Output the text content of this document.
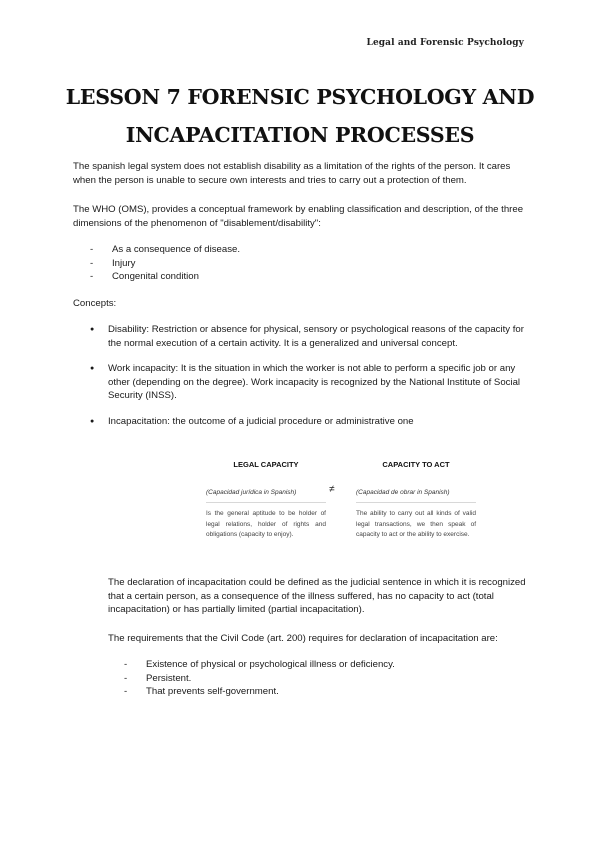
Legal and Forensic Psychology
LESSON 7 FORENSIC PSYCHOLOGY AND
INCAPACITATION PROCESSES

The spanish legal system does not establish disability as a limitation of the rights of the person. It cares when the person is unable to secure own interests and tries to carry out a protection of them.

The WHO (OMS), provides a conceptual framework by enabling classification and description, of the three dimensions of the phenomenon of "disablement/disability":

- As a consequence of disease.
- Injury
- Congenital condition

Concepts:

● Disability: Restriction or absence for physical, sensory or psychological reasons of the capacity for the normal execution of a certain activity. It is a generalized and universal concept.
● Work incapacity: It is the situation in which the worker is not able to perform a specific job or any other (depending on the degree). Work incapacity is recognized by the National Institute of Social Security (INSS).
● Incapacitation: the outcome of a judicial procedure or administrative one
LEGAL CAPACITY
(Capacidad jurídica in Spanish)
Is the general aptitude to be holder of legal relations, holder of rights and obligations (capacity to enjoy).
≠
CAPACITY TO ACT
(Capacidad de obrar in Spanish)
The ability to carry out all kinds of valid legal transactions, we then speak of capacity to act or the ability to exercise.

The declaration of incapacitation could be defined as the judicial sentence in which it is recognized that a certain person, as a consequence of the illness suffered, has no capacity to act (total incapacitation) or has partially limited (partial incapacitation).

The requirements that the Civil Code (art. 200) requires for declaration of incapacitation are:

- Existence of physical or psychological illness or deficiency.
- Persistent.
- That prevents self-government.
